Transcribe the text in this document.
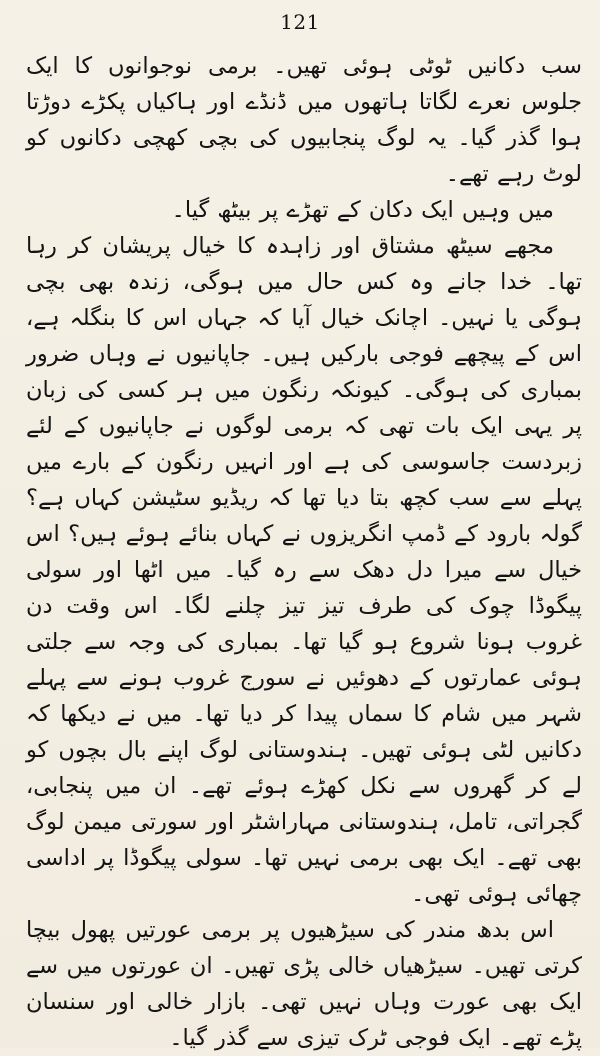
121

سب دکانیں ٹوٹی ہوئی تھیں۔ برمی نوجوانوں کا ایک جلوس نعرے لگاتا ہاتھوں میں ڈنڈے اور ہاکیاں پکڑے دوڑتا ہوا گذر گیا۔ یہ لوگ پنجابیوں کی بچی کھچی دکانوں کو لوٹ رہے تھے۔

میں وہیں ایک دکان کے تھڑے پر بیٹھ گیا۔

مجھے سیٹھ مشتاق اور زاہدہ کا خیال پریشان کر رہا تھا۔ خدا جانے وہ کس حال میں ہوگی، زندہ بھی بچی ہوگی یا نہیں۔ اچانک خیال آیا کہ جہاں اس کا بنگلہ ہے، اس کے پیچھے فوجی بارکیں ہیں۔ جاپانیوں نے وہاں ضرور بمباری کی ہوگی۔ کیونکہ رنگون میں ہر کسی کی زبان پر یہی ایک بات تھی کہ برمی لوگوں نے جاپانیوں کے لئے زبردست جاسوسی کی ہے اور انہیں رنگون کے بارے میں پہلے سے سب کچھ بتا دیا تھا کہ ریڈیو سٹیشن کہاں ہے؟ گولہ بارود کے ڈمپ انگریزوں نے کہاں بنائے ہوئے ہیں؟ اس خیال سے میرا دل دھک سے رہ گیا۔ میں اٹھا اور سولی پیگوڈا چوک کی طرف تیز تیز چلنے لگا۔ اس وقت دن غروب ہونا شروع ہو گیا تھا۔ بمباری کی وجہ سے جلتی ہوئی عمارتوں کے دھوئیں نے سورج غروب ہونے سے پہلے شہر میں شام کا سماں پیدا کر دیا تھا۔ میں نے دیکھا کہ دکانیں لٹی ہوئی تھیں۔ ہندوستانی لوگ اپنے بال بچوں کو لے کر گھروں سے نکل کھڑے ہوئے تھے۔ ان میں پنجابی، گجراتی، تامل، ہندوستانی مہاراشٹر اور سورتی میمن لوگ بھی تھے۔ ایک بھی برمی نہیں تھا۔ سولی پیگوڈا پر اداسی چھائی ہوئی تھی۔

اس بدھ مندر کی سیڑھیوں پر برمی عورتیں پھول بیچا کرتی تھیں۔ سیڑھیاں خالی پڑی تھیں۔ ان عورتوں میں سے ایک بھی عورت وہاں نہیں تھی۔ بازار خالی اور سنسان پڑے تھے۔ ایک فوجی ٹرک تیزی سے گذر گیا۔
